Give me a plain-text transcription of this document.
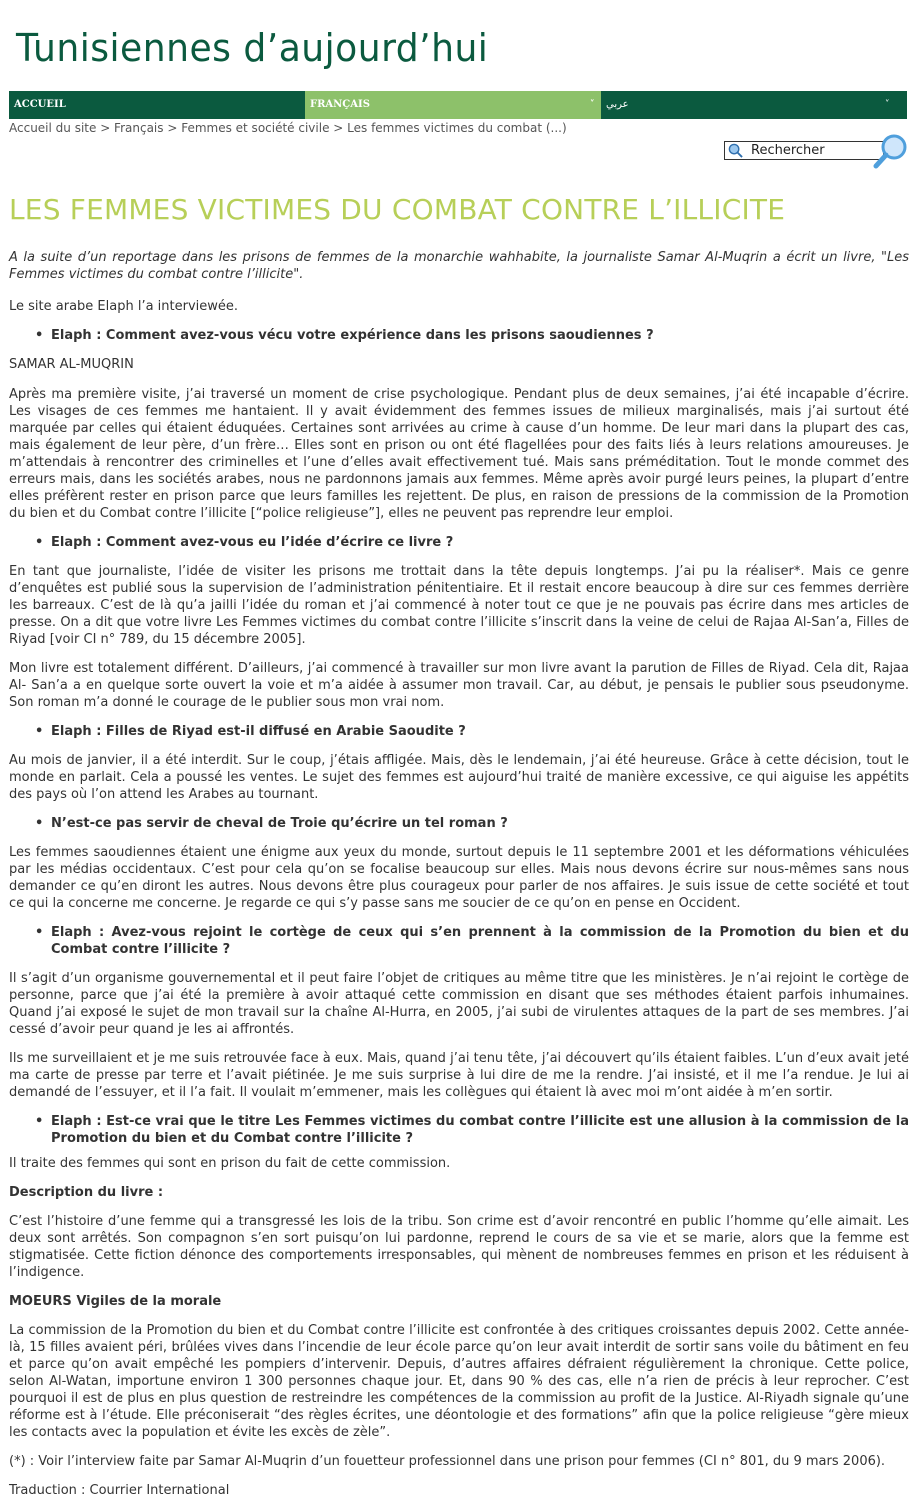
Tunisiennes d’aujourd’hui
ACCUEIL	FRANÇAIS	˅	عربي	˅
Accueil du site > Français > Femmes et société civile > Les femmes victimes du combat (...)
Rechercher
LES FEMMES VICTIMES DU COMBAT CONTRE L’ILLICITE

A la suite d’un reportage dans les prisons de femmes de la monarchie wahhabite, la journaliste Samar Al-Muqrin a écrit un livre, "Les Femmes victimes du combat contre l’illicite".

Le site arabe Elaph l’a interviewée.

• Elaph : Comment avez-vous vécu votre expérience dans les prisons saoudiennes ?

SAMAR AL-MUQRIN

Après ma première visite, j’ai traversé un moment de crise psychologique. Pendant plus de deux semaines, j’ai été incapable d’écrire. Les visages de ces femmes me hantaient. Il y avait évidemment des femmes issues de milieux marginalisés, mais j’ai surtout été marquée par celles qui étaient éduquées. Certaines sont arrivées au crime à cause d’un homme. De leur mari dans la plupart des cas, mais également de leur père, d’un frère… Elles sont en prison ou ont été flagellées pour des faits liés à leurs relations amoureuses. Je m’attendais à rencontrer des criminelles et l’une d’elles avait effectivement tué. Mais sans préméditation. Tout le monde commet des erreurs mais, dans les sociétés arabes, nous ne pardonnons jamais aux femmes. Même après avoir purgé leurs peines, la plupart d’entre elles préfèrent rester en prison parce que leurs familles les rejettent. De plus, en raison de pressions de la commission de la Promotion du bien et du Combat contre l’illicite [“police religieuse”], elles ne peuvent pas reprendre leur emploi.

• Elaph : Comment avez-vous eu l’idée d’écrire ce livre ?

En tant que journaliste, l’idée de visiter les prisons me trottait dans la tête depuis longtemps. J’ai pu la réaliser*. Mais ce genre d’enquêtes est publié sous la supervision de l’administration pénitentiaire. Et il restait encore beaucoup à dire sur ces femmes derrière les barreaux. C’est de là qu’a jailli l’idée du roman et j’ai commencé à noter tout ce que je ne pouvais pas écrire dans mes articles de presse. On a dit que votre livre Les Femmes victimes du combat contre l’illicite s’inscrit dans la veine de celui de Rajaa Al-San’a, Filles de Riyad [voir CI n° 789, du 15 décembre 2005].

Mon livre est totalement différent. D’ailleurs, j’ai commencé à travailler sur mon livre avant la parution de Filles de Riyad. Cela dit, Rajaa Al- San’a a en quelque sorte ouvert la voie et m’a aidée à assumer mon travail. Car, au début, je pensais le publier sous pseudonyme. Son roman m’a donné le courage de le publier sous mon vrai nom.

• Elaph : Filles de Riyad est-il diffusé en Arabie Saoudite ?

Au mois de janvier, il a été interdit. Sur le coup, j’étais affligée. Mais, dès le lendemain, j’ai été heureuse. Grâce à cette décision, tout le monde en parlait. Cela a poussé les ventes. Le sujet des femmes est aujourd’hui traité de manière excessive, ce qui aiguise les appétits des pays où l’on attend les Arabes au tournant.

• N’est-ce pas servir de cheval de Troie qu’écrire un tel roman ?

Les femmes saoudiennes étaient une énigme aux yeux du monde, surtout depuis le 11 septembre 2001 et les déformations véhiculées par les médias occidentaux. C’est pour cela qu’on se focalise beaucoup sur elles. Mais nous devons écrire sur nous-mêmes sans nous demander ce qu’en diront les autres. Nous devons être plus courageux pour parler de nos affaires. Je suis issue de cette société et tout ce qui la concerne me concerne. Je regarde ce qui s’y passe sans me soucier de ce qu’on en pense en Occident.

• Elaph : Avez-vous rejoint le cortège de ceux qui s’en prennent à la commission de la Promotion du bien et du Combat contre l’illicite ?

Il s’agit d’un organisme gouvernemental et il peut faire l’objet de critiques au même titre que les ministères. Je n’ai rejoint le cortège de personne, parce que j’ai été la première à avoir attaqué cette commission en disant que ses méthodes étaient parfois inhumaines. Quand j’ai exposé le sujet de mon travail sur la chaîne Al-Hurra, en 2005, j’ai subi de virulentes attaques de la part de ses membres. J’ai cessé d’avoir peur quand je les ai affrontés.

Ils me surveillaient et je me suis retrouvée face à eux. Mais, quand j’ai tenu tête, j’ai découvert qu’ils étaient faibles. L’un d’eux avait jeté ma carte de presse par terre et l’avait piétinée. Je me suis surprise à lui dire de me la rendre. J’ai insisté, et il me l’a rendue. Je lui ai demandé de l’essuyer, et il l’a fait. Il voulait m’emmener, mais les collègues qui étaient là avec moi m’ont aidée à m’en sortir.

• Elaph : Est-ce vrai que le titre Les Femmes victimes du combat contre l’illicite est une allusion à la commission de la Promotion du bien et du Combat contre l’illicite ?

Il traite des femmes qui sont en prison du fait de cette commission.

Description du livre :

C’est l’histoire d’une femme qui a transgressé les lois de la tribu. Son crime est d’avoir rencontré en public l’homme qu’elle aimait. Les deux sont arrêtés. Son compagnon s’en sort puisqu’on lui pardonne, reprend le cours de sa vie et se marie, alors que la femme est stigmatisée. Cette fiction dénonce des comportements irresponsables, qui mènent de nombreuses femmes en prison et les réduisent à l’indigence.

MOEURS Vigiles de la morale

La commission de la Promotion du bien et du Combat contre l’illicite est confrontée à des critiques croissantes depuis 2002. Cette année-là, 15 filles avaient péri, brûlées vives dans l’incendie de leur école parce qu’on leur avait interdit de sortir sans voile du bâtiment en feu et parce qu’on avait empêché les pompiers d’intervenir. Depuis, d’autres affaires défraient régulièrement la chronique. Cette police, selon Al-Watan, importune environ 1 300 personnes chaque jour. Et, dans 90 % des cas, elle n’a rien de précis à leur reprocher. C’est pourquoi il est de plus en plus question de restreindre les compétences de la commission au profit de la Justice. Al-Riyadh signale qu’une réforme est à l’étude. Elle préconiserait “des règles écrites, une déontologie et des formations” afin que la police religieuse “gère mieux les contacts avec la population et évite les excès de zèle”.

(*) : Voir l’interview faite par Samar Al-Muqrin d’un fouetteur professionnel dans une prison pour femmes (CI n° 801, du 9 mars 2006).

Traduction : Courrier International
